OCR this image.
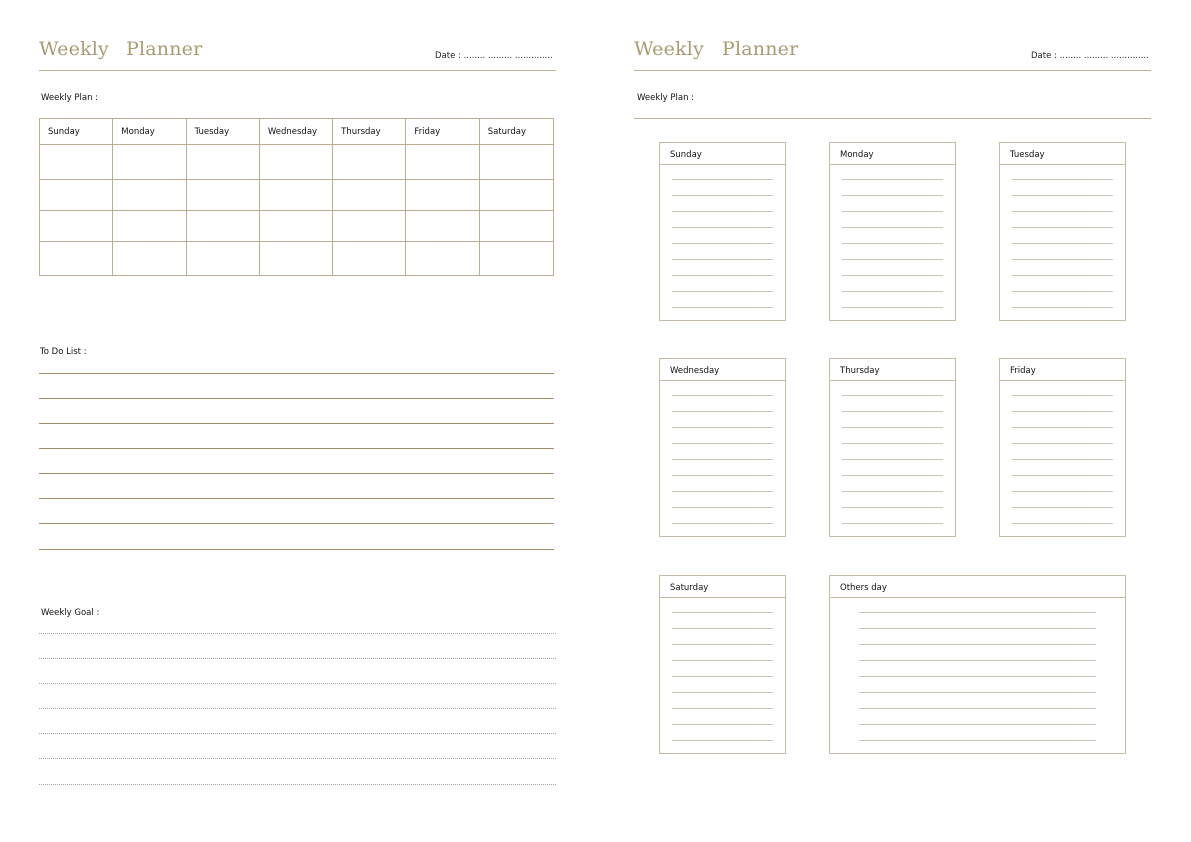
Weekly Planner	Date : ........ ......... ..............
Weekly Plan :
Sunday	Monday	Tuesday	Wednesday	Thursday	Friday	Saturday
To Do List :
Weekly Goal :
Weekly Planner	Date : ........ ......... ..............
Weekly Plan :
Sunday	Monday	Tuesday
Wednesday	Thursday	Friday
Saturday	Others day
